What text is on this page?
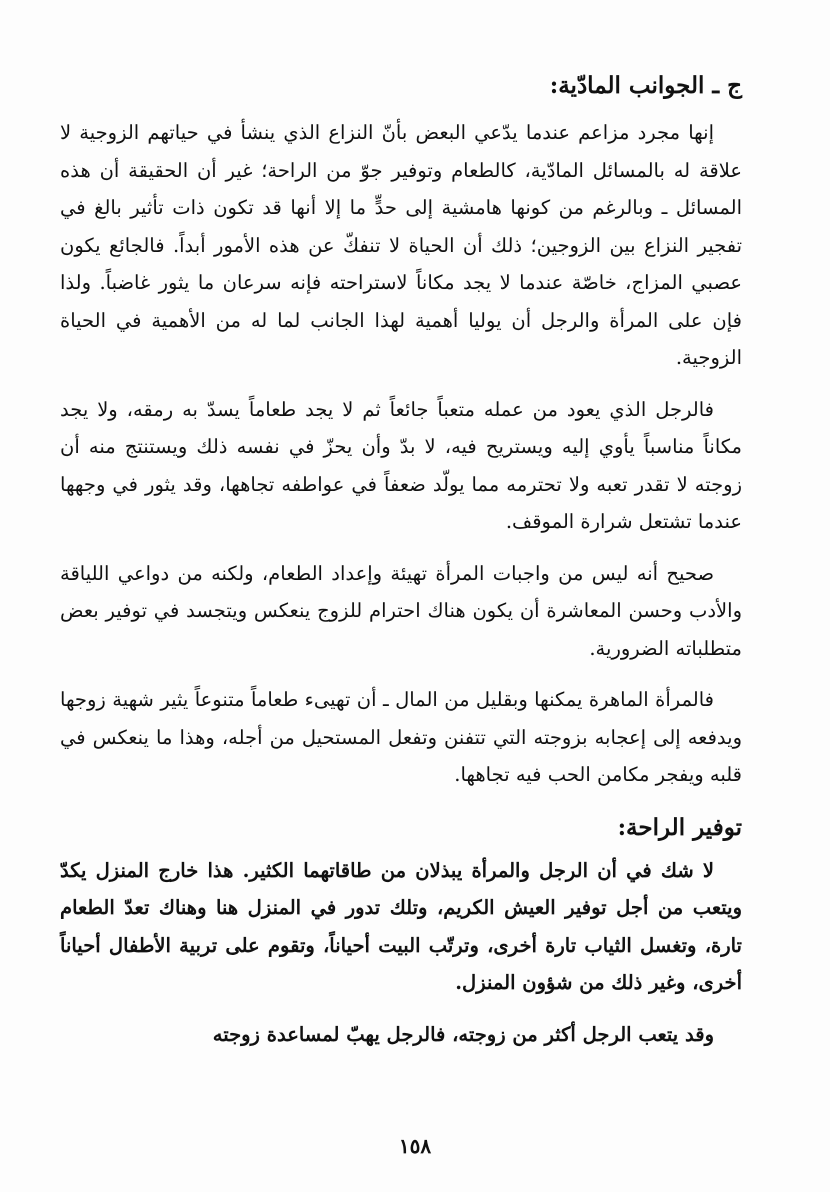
ج ـ الجوانب المادّية:

إنها مجرد مزاعم عندما يدّعي البعض بأنّ النزاع الذي ينشأ في حياتهم الزوجية لا علاقة له بالمسائل المادّية، كالطعام وتوفير جوّ من الراحة؛ غير أن الحقيقة أن هذه المسائل ـ وبالرغم من كونها هامشية إلى حدٍّ ما إلا أنها قد تكون ذات تأثير بالغ في تفجير النزاع بين الزوجين؛ ذلك أن الحياة لا تنفكّ عن هذه الأمور أبداً. فالجائع يكون عصبي المزاج، خاصّة عندما لا يجد مكاناً لاستراحته فإنه سرعان ما يثور غاضباً. ولذا فإن على المرأة والرجل أن يوليا أهمية لهذا الجانب لما له من الأهمية في الحياة الزوجية.

فالرجل الذي يعود من عمله متعباً جائعاً ثم لا يجد طعاماً يسدّ به رمقه، ولا يجد مكاناً مناسباً يأوي إليه ويستريح فيه، لا بدّ وأن يحزّ في نفسه ذلك ويستنتج منه أن زوجته لا تقدر تعبه ولا تحترمه مما يولّد ضعفاً في عواطفه تجاهها، وقد يثور في وجهها عندما تشتعل شرارة الموقف.

صحيح أنه ليس من واجبات المرأة تهيئة وإعداد الطعام، ولكنه من دواعي اللياقة والأدب وحسن المعاشرة أن يكون هناك احترام للزوج ينعكس ويتجسد في توفير بعض متطلباته الضرورية.

فالمرأة الماهرة يمكنها وبقليل من المال ـ أن تهيىء طعاماً متنوعاً يثير شهية زوجها ويدفعه إلى إعجابه بزوجته التي تتفنن وتفعل المستحيل من أجله، وهذا ما ينعكس في قلبه ويفجر مكامن الحب فيه تجاهها.

توفير الراحة:

لا شك في أن الرجل والمرأة يبذلان من طاقاتهما الكثير. هذا خارج المنزل يكدّ ويتعب من أجل توفير العيش الكريم، وتلك تدور في المنزل هنا وهناك تعدّ الطعام تارة، وتغسل الثياب تارة أخرى، وترتّب البيت أحياناً، وتقوم على تربية الأطفال أحياناً أخرى، وغير ذلك من شؤون المنزل.

وقد يتعب الرجل أكثر من زوجته، فالرجل يهبّ لمساعدة زوجته

١٥٨
